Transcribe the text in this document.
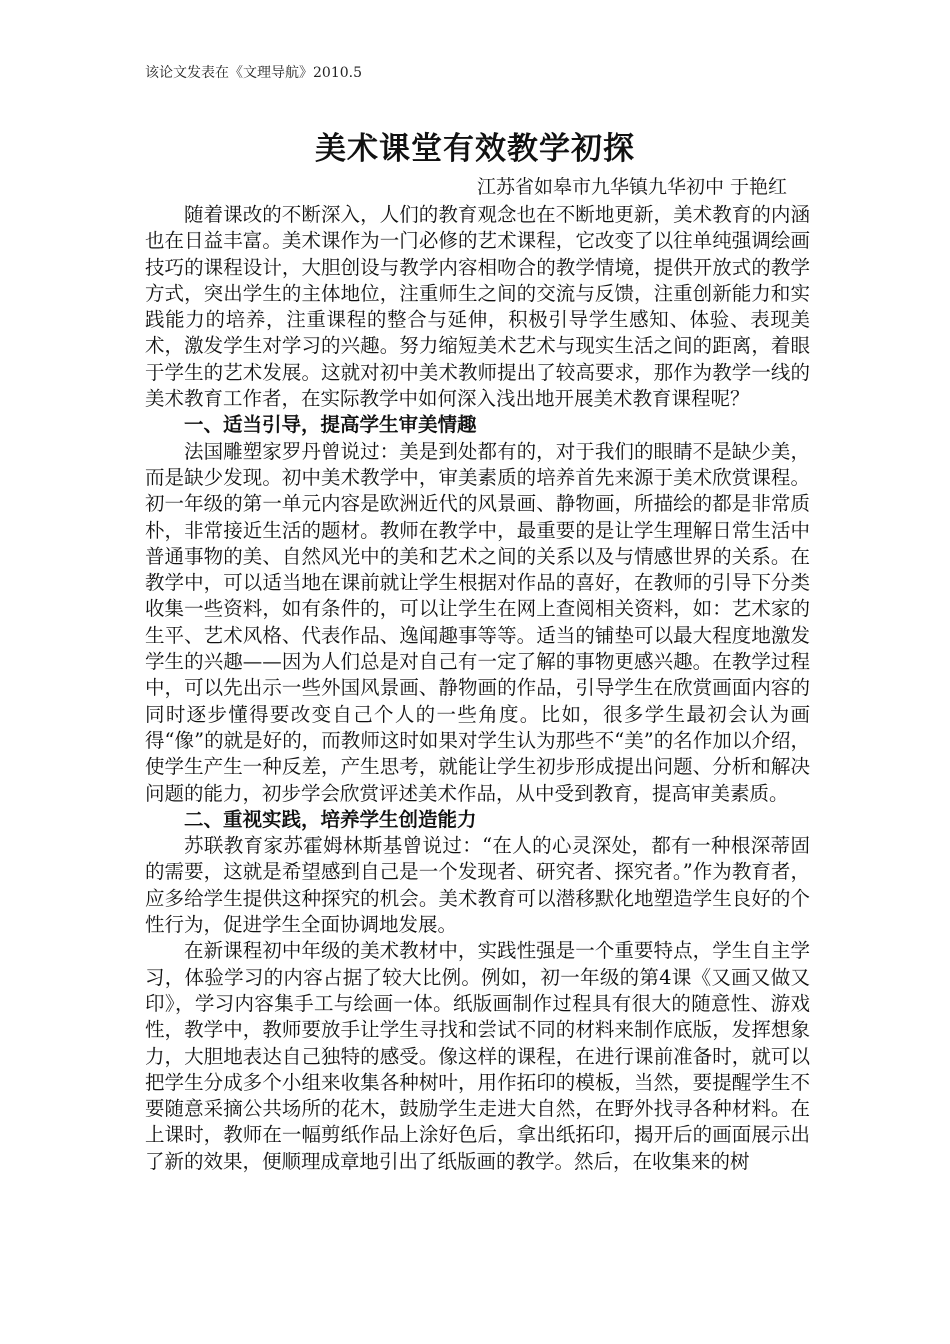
该论文发表在《文理导航》2010.5
美术课堂有效教学初探
江苏省如皋市九华镇九华初中 于艳红

随着课改的不断深入，人们的教育观念也在不断地更新，美术教育的内涵也在日益丰富。美术课作为一门必修的艺术课程，它改变了以往单纯强调绘画技巧的课程设计，大胆创设与教学内容相吻合的教学情境，提供开放式的教学方式，突出学生的主体地位，注重师生之间的交流与反馈，注重创新能力和实践能力的培养，注重课程的整合与延伸，积极引导学生感知、体验、表现美术，激发学生对学习的兴趣。努力缩短美术艺术与现实生活之间的距离，着眼于学生的艺术发展。这就对初中美术教师提出了较高要求，那作为教学一线的美术教育工作者，在实际教学中如何深入浅出地开展美术教育课程呢？

一、适当引导，提高学生审美情趣

法国雕塑家罗丹曾说过：美是到处都有的，对于我们的眼睛不是缺少美，而是缺少发现。初中美术教学中，审美素质的培养首先来源于美术欣赏课程。初一年级的第一单元内容是欧洲近代的风景画、静物画，所描绘的都是非常质朴，非常接近生活的题材。教师在教学中，最重要的是让学生理解日常生活中普通事物的美、自然风光中的美和艺术之间的关系以及与情感世界的关系。在教学中，可以适当地在课前就让学生根据对作品的喜好，在教师的引导下分类收集一些资料，如有条件的，可以让学生在网上查阅相关资料，如：艺术家的生平、艺术风格、代表作品、逸闻趣事等等。适当的铺垫可以最大程度地激发学生的兴趣——因为人们总是对自己有一定了解的事物更感兴趣。在教学过程中，可以先出示一些外国风景画、静物画的作品，引导学生在欣赏画面内容的同时逐步懂得要改变自己个人的一些角度。比如，很多学生最初会认为画得“像”的就是好的，而教师这时如果对学生认为那些不“美”的名作加以介绍，使学生产生一种反差，产生思考，就能让学生初步形成提出问题、分析和解决问题的能力，初步学会欣赏评述美术作品，从中受到教育，提高审美素质。

二、重视实践，培养学生创造能力

苏联教育家苏霍姆林斯基曾说过：“在人的心灵深处，都有一种根深蒂固的需要，这就是希望感到自己是一个发现者、研究者、探究者。”作为教育者，应多给学生提供这种探究的机会。美术教育可以潜移默化地塑造学生良好的个性行为，促进学生全面协调地发展。

在新课程初中年级的美术教材中，实践性强是一个重要特点，学生自主学习，体验学习的内容占据了较大比例。例如，初一年级的第4课《又画又做又印》，学习内容集手工与绘画一体。纸版画制作过程具有很大的随意性、游戏性，教学中，教师要放手让学生寻找和尝试不同的材料来制作底版，发挥想象力，大胆地表达自己独特的感受。像这样的课程，在进行课前准备时，就可以把学生分成多个小组来收集各种树叶，用作拓印的模板，当然，要提醒学生不要随意采摘公共场所的花木，鼓励学生走进大自然，在野外找寻各种材料。在上课时，教师在一幅剪纸作品上涂好色后，拿出纸拓印，揭开后的画面展示出了新的效果，便顺理成章地引出了纸版画的教学。然后，在收集来的树
